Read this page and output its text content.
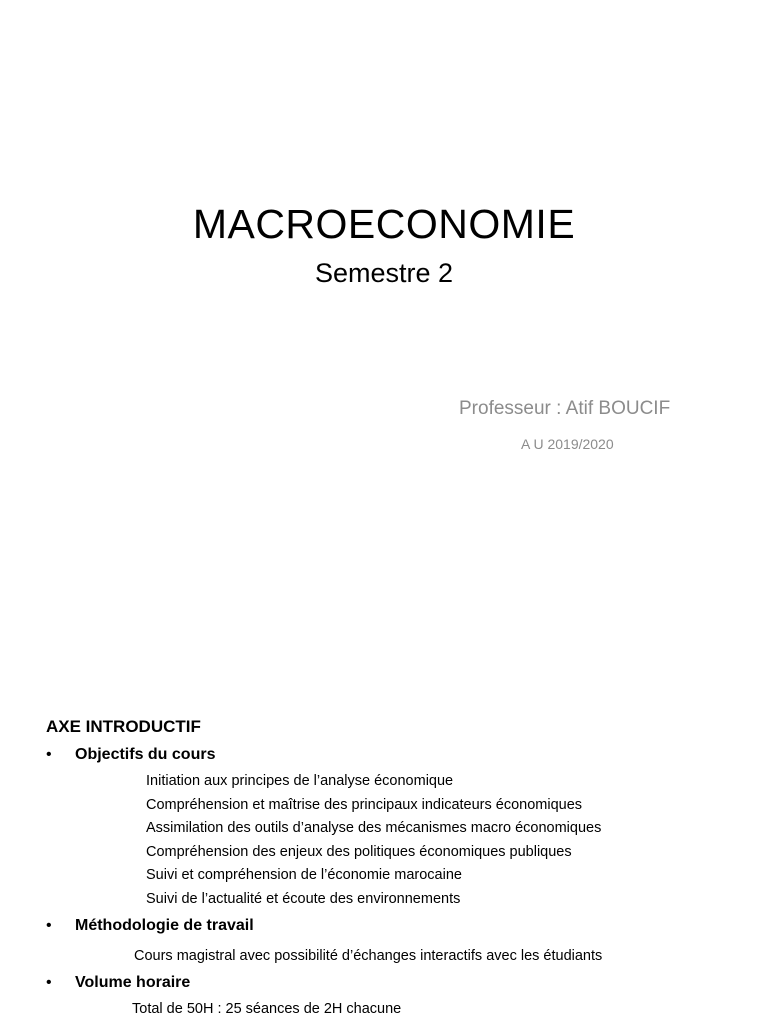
MACROECONOMIE
Semestre 2
Professeur : Atif BOUCIF
A U 2019/2020
AXE INTRODUCTIF
• Objectifs du cours
Initiation aux principes de l’analyse économique
Compréhension et maîtrise des principaux indicateurs économiques
Assimilation des outils d’analyse des mécanismes macro économiques
Compréhension des enjeux des politiques économiques publiques
Suivi et compréhension de l’économie marocaine
Suivi de l’actualité et écoute des environnements
• Méthodologie de travail
Cours magistral avec possibilité d’échanges interactifs avec les étudiants
• Volume horaire
Total de 50H : 25 séances de 2H chacune
